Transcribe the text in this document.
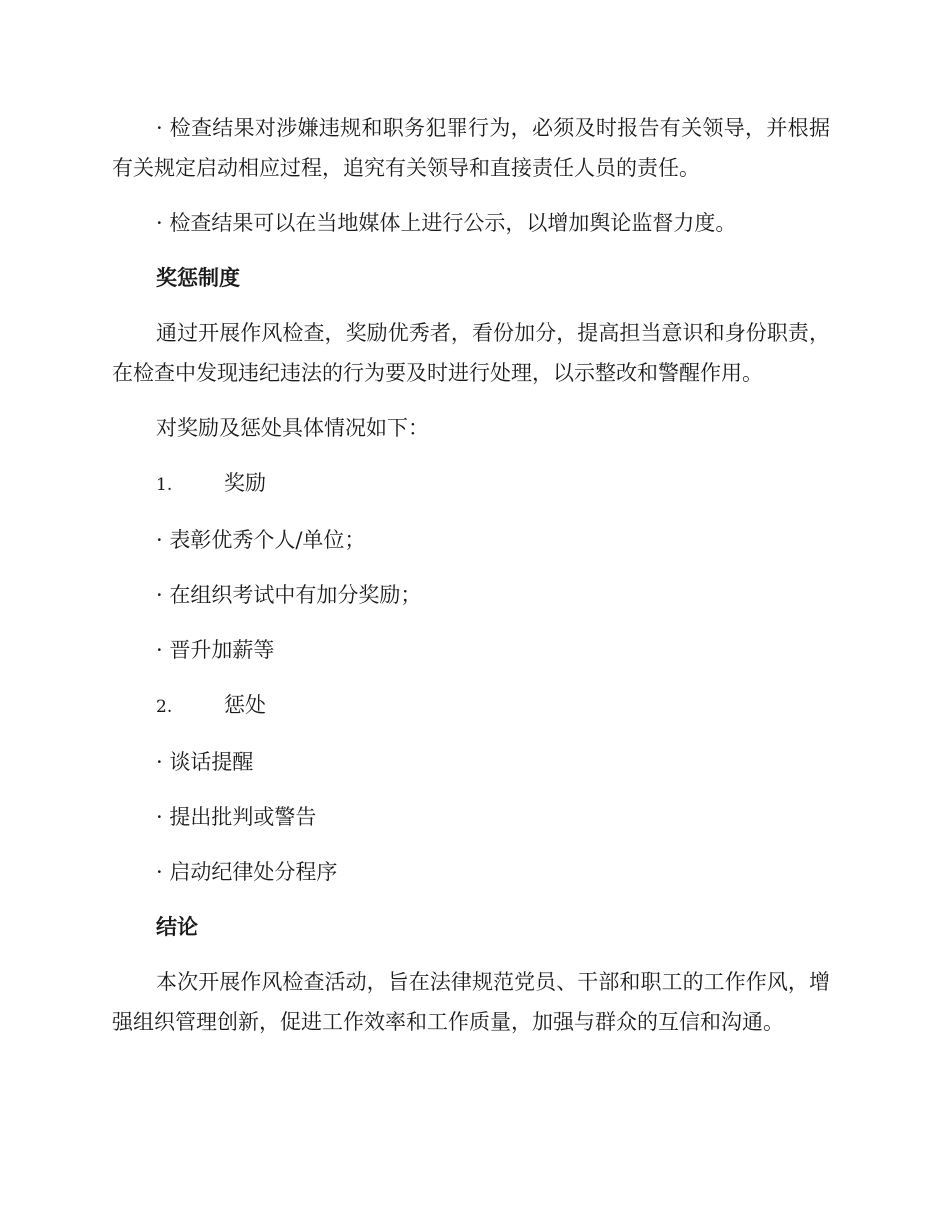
· 检查结果对涉嫌违规和职务犯罪行为，必须及时报告有关领导，并根据有关规定启动相应过程，追究有关领导和直接责任人员的责任。

· 检查结果可以在当地媒体上进行公示，以增加舆论监督力度。

奖惩制度

通过开展作风检查，奖励优秀者，看份加分，提高担当意识和身份职责，在检查中发现违纪违法的行为要及时进行处理，以示整改和警醒作用。

对奖励及惩处具体情况如下：

1.	奖励

· 表彰优秀个人/单位；

· 在组织考试中有加分奖励；

· 晋升加薪等

2.	惩处

· 谈话提醒

· 提出批判或警告

· 启动纪律处分程序

结论

本次开展作风检查活动，旨在法律规范党员、干部和职工的工作作风，增强组织管理创新，促进工作效率和工作质量，加强与群众的互信和沟通。
